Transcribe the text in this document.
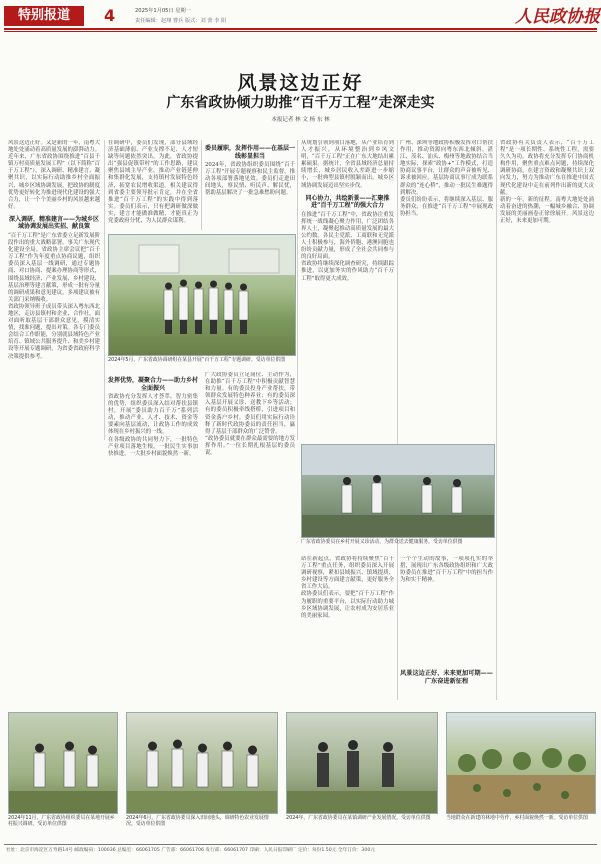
特别报道	4	2025年1月05日 星期一
责任编辑：赵翔 曹兵 版式：刘 蕾 李 阳	人民政协报
风景这边正好
广东省政协倾力助推“百千万工程”走深走实
本报记者 林 文 杨 东 林

风景这边正好。又是新的一年，南粤大地处处涌动着高质量发展的澎湃动力。近年来，广东省政协围绕推进“百县千镇万村高质量发展工程”（以下简称“百千万工程”），深入调研、精准建言、凝聚共识，以实际行动助推乡村全面振兴、城乡区域协调发展，把政协的制度优势更好转化为推进现代化建设的强大合力，让一个个美丽乡村的风景越来越好。

深入调研，精准建言——为城乡区域协调发展出实招、献良策

“百千万工程”是广东省委立足新发展阶段作出的重大战略部署，事关广东现代化建设全局。省政协主席会议把“百千万工程”作为年度重点协商议题，组织委员深入基层一线调研，通过专题协商、对口协商、提案办理协商等形式，围绕县域经济、产业发展、乡村建设、基层治理等建言献策，形成一批有分量的调研成果和意见建议，多项建议被有关部门采纳吸收。

省政协领导班子成员带头深入粤东西北地区，走访县镇村和企业、合作社，面对面听取基层干部群众意见，摸清实情，找准问题，提出对策。各专门委员会结合工作职能，分别就县域特色产业培育、镇域公共服务提升、和美乡村建设等开展专题调研，为省委省政府科学决策提供参考。

在调研中，委员们发现，部分县域经济基础薄弱、产业支撑不足、人才短缺等问题依然突出。为此，省政协提出“强县促镇带村”的工作思路，建议聚焦县域主导产业，推动产业链延伸和集群化发展，支持镇村发展特色经济，拓宽农民增收渠道。相关建议得到省委主要领导批示肯定，并在全省推进“百千万工程”的实践中得到落实。委员们表示，只有把调研做深做实，建言才能做准做精，才能真正为党委政府分忧、为人民群众谋利。

委员履职，发挥作用——在基层一线彰显担当

2024年，省政协组织委员围绕“百千万工程”开展专题视察和民主监督，推动各项部署落地见效。委员们走进田间地头，察民情、听民声、解民忧，帮助基层解决了一批急难愁盼问题。

2024年5月，广东省政协调研组在某县开展“百千万工程”专题调研。受访单位供图

发挥优势，凝聚合力——助力乡村全面振兴

省政协充分发挥人才荟萃、智力密集的优势，组织委员深入结对帮扶县镇村，开展“委员助力百千万”系列活动，推动产业、人才、技术、资金等要素向基层流动，让政协工作的成效体现在乡村振兴的一线。

在各级政协的共同努力下，一批特色产业项目落地生根，一批民生实事加快推进，一大批乡村面貌焕然一新。

广大政协委员立足岗位、主动作为，在助推“百千万工程”中积极贡献智慧和力量。有的委员投身产业帮扶，带领群众发展特色种养业；有的委员深入基层开展义诊、送教下乡等活动；有的委员积极牵线搭桥，引进项目和资金落户乡村。委员们用实际行动诠释了新时代政协委员的责任担当，赢得了基层干部群众的广泛赞誉。

“政协委员就要在群众最需要的地方发挥作用。”一位长期扎根基层的委员说。

从规划引领到项目落地，从产业培育到人才振兴，从环境整治到乡风文明，“百千万工程”正在广东大地结出累累硕果。据统计，全省县域经济总量持续增长，城乡居民收入差距进一步缩小，一批典型县镇村脱颖而出，城乡区域协调发展迈出坚实步伐。

同心协力，共绘新景——汇聚推进“百千万工程”的强大合力

在推进“百千万工程”中，省政协注重发挥统一战线凝心聚力作用，广泛团结各界人士，凝聚起推动高质量发展的最大公约数。各民主党派、工商联和无党派人士积极参与，海外侨胞、港澳同胞也纷纷贡献力量，形成了全社会共同参与的良好局面。

省政协将继续深化调查研究，持续跟踪推进，以更加务实的作风助力“百千万工程”取得更大成效。

广东省政协委员在乡村开展义诊活动，为群众送去健康服务。受访单位供图

站在新起点，省政协将持续聚焦“百千万工程”重点任务，组织委员深入开展调研视察，紧扣县域振兴、镇域提质、乡村建设等方面建言献策，更好服务全省工作大局。

政协委员们表示，要把“百千万工程”作为履职的重要平台，以实际行动助力城乡区域协调发展，让农村成为安居乐业的美丽家园。

广州、深圳等地政协积极发挥对口帮扶作用，推动资源向粤东西北倾斜。湛江、茂名、汕头、梅州等地政协结合当地实际，探索“政协+”工作模式，打造协商议事平台，让群众的声音被听见、诉求被回应。基层协商议事厅成为联系群众的“连心桥”，推动一批民生难题得到解决。

委员们纷纷表示，将继续深入基层、服务群众，在推进“百千万工程”中展现政协担当。

一个个生动的故事，一项项扎实的举措，展现出广东各级政协组织和广大政协委员在推进“百千万工程”中的担当作为和实干精神。

风景这边正好，未来更加可期——广东奋进新征程

省政协有关负责人表示，“百千万工程”是一项长期性、系统性工程，需要久久为功。政协将充分发挥专门协商机构作用，聚焦重点难点问题，持续深化调研协商，在建言资政和凝聚共识上双向发力，努力为推动广东在推进中国式现代化建设中走在前列作出新的更大贡献。

新的一年，新的征程。南粤大地处处涌动着奋进的热潮，一幅城乡融合、协调发展的美丽画卷正徐徐展开。风景这边正好，未来更加可期。

2024年11月，广东省政协组织委员在某地开展乡村振兴调研。受访单位供图
2024年6月，广东省政协委员深入田间地头，调研特色农业发展情况。受访单位供图
2024年，广东省政协委员在某镇调研产业发展情况。受访单位供图	当地群众在新建的林地中劳作，乡村面貌焕然一新。受访单位供图
社址：北京市海淀区万寿路14号 邮政编码：100036 总编室：66061705 广告部：66061706 发行部：66061707 印刷：人民日报印刷厂 定价：每份1.50元 全年订价：300元
